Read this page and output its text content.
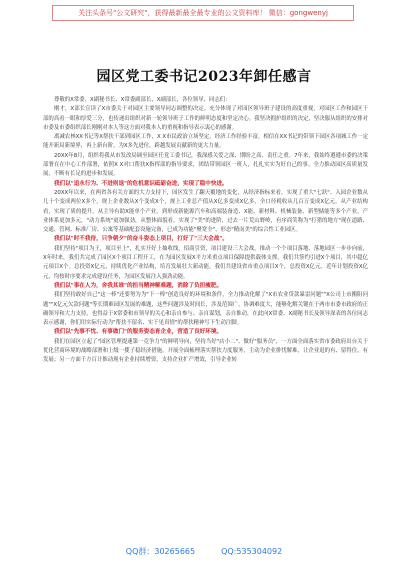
关注头条号"公文研究"，获得最新最全最专业的公文资料库！ 微信：gongwenyj
园区党工委书记2023年卸任感言

尊敬的X常委、X副秘书长、X常委副部长、X副部长，各位领导、同志们：

刚才，X部长宣读了X市委关于对园区主要领导同志调整的决定。充分体现了对园区领导班子建设的高度重视，对园区工作和园区干部的高看一眼和厚爱三分，也传递出组织对新一轮领导班子工作的鲜明态度和坚定决心。我坚决拥护组织的决定，坚决服从组织的安排对市委及市委组织部长刚刚对本人等这方面对我本人的重视和指导表示衷心的感谢。

离减农林XX书记等X帮扶干部到园区工作，X X市民政治立场坚定，经济工作经验丰富，相信在XX书记的带领下园区各项城工作一定能开新局新境界，再上新台阶，为X多先进位，跨越发展贡献新的更大力量。

20XX年8月，组织将我从市发改局调至园区任党工委书记，我深感关爱之深、期盼之高、责任之重。7年来，我始终遵遵市委的决策部署在在中心工作部署，依照X X对口帮扶X指挥部的指导要求，团结带领园区一班人，扎扎实实为好自己的事。全力推动园区高质量发展，不断有长足的进步和发展。

我们以"追永行为、不进则退"的危机意识砥砺奋进，实现了稳中快进。

20XX年以来，在两省各有关方面的大力支持下，园区发生了翻天覆地的变化，从经济指标来看，实现了重大"七跃"。入园企业数从几十个变成两位X多个，规上企业数从X个变成X个，规上工业总产值从X亿多变成X亿多，全口径税收从几百万变成X亿元，从产业结构看，实现了质的提升，从主导有助X能单个产业，到形成新能源汽车和高端装备造、X能、新材料、机械装备、新型储能等多个产业，产业体系更加多元，"动力系统"更加强劲，从整体面貌看，实现了"美"的进阶，过去一片荒山野岭，有序商笑称为"打猎的地方"现在道路、交通、管网、标准厂房、公寓等基础配套设施完备，已成为功能"聚宽全"、形态"精而美"的综合性工业园区。

我们以"时不我待，只争朝夕"的奋斗姿态上项目，打好了"三大会战"。

我们坚持"项目为王，项目至上"，扎实开好上抽收线，招商引资，项目建设三大会战，推动一个个项目落地、落地园区一步步向前，X年时来，我们共完成了园区X个项目工程开工，在为园区发展X平方米重点项目保障提供载体支撑，我们共签约引进X个项目，其中超亿元项目X个。总投资X亿元，持续优化产业结构，培育发展壮大新动能，我们共建设省市重点项目X个，总投资X亿元。近年计划投资X亿元，均按时序要求完成建设任务，为园区发展注入强劲动能。

我们以"事在人为，舍我其谁"的担当精神解难题，消除了负担瘦肥。

我们坚持敢好自己"这一棒"还要努为为"下一棒"创造良好的环境和条件，全力推动化解了"X市农业贷款暴雷问题""X公司上市搬阻问题""X亿元欠款问题"等长期难园区发展的难题，这些问题涉及时间长，涉及范围广，协调难度大，能够化解关键在于两市市委市政府的正确领导和大力支持，也得益于X常委和市领导的关心和亲自参与、亲自谋划，亲自推动，在此向X常委、X副秘书长及领导深表的各位同志表示感谢，你们用实际行动为"帮扶不留名、实干见真情"的帮扶精神写下生动注脚。

我们以"先事不忧、有事做门"的服务姿态育企业，营造了良好环境。

我们在园区立起了"园区管理提速第一竞争力"的鲜明导向，坚持当好"店小二"、做好"服务员"，一方面全面落实省市委政府出台关于优化营商环境的战略部署和上级一揽子稳经济措施，开展全面梳理落实帮扶力度服务，主动为企业排忧解难，让企业退的有、留得住，有发展；另一方面千方百计推动现有企业持续增资，支持企业扩产增效，引导企业转

QQ群：30265665	QQ:535304092
